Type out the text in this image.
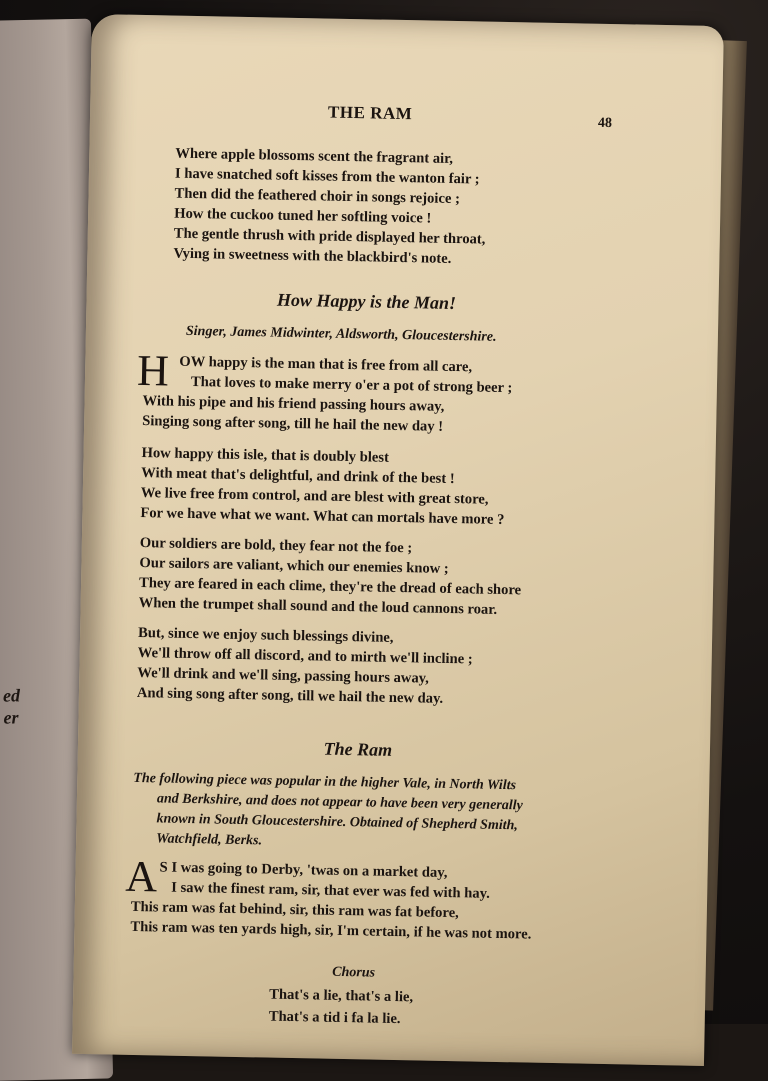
ed
er
THE RAM
48
Where apple blossoms scent the fragrant air,
I have snatched soft kisses from the wanton fair ;
Then did the feathered choir in songs rejoice ;
How the cuckoo tuned her softling voice !
The gentle thrush with pride displayed her throat,
Vying in sweetness with the blackbird's note.
How Happy is the Man!
Singer, James Midwinter, Aldsworth, Gloucestershire.
H OW happy is the man that is free from all care,
That loves to make merry o'er a pot of strong beer ;
With his pipe and his friend passing hours away,
Singing song after song, till he hail the new day !
How happy this isle, that is doubly blest
With meat that's delightful, and drink of the best !
We live free from control, and are blest with great store,
For we have what we want. What can mortals have more ?
Our soldiers are bold, they fear not the foe ;
Our sailors are valiant, which our enemies know ;
They are feared in each clime, they're the dread of each shore
When the trumpet shall sound and the loud cannons roar.
But, since we enjoy such blessings divine,
We'll throw off all discord, and to mirth we'll incline ;
We'll drink and we'll sing, passing hours away,
And sing song after song, till we hail the new day.
The Ram
The following piece was popular in the higher Vale, in North Wilts
and Berkshire, and does not appear to have been very generally
known in South Gloucestershire. Obtained of Shepherd Smith,
Watchfield, Berks.
A S I was going to Derby, 'twas on a market day,
I saw the finest ram, sir, that ever was fed with hay.
This ram was fat behind, sir, this ram was fat before,
This ram was ten yards high, sir, I'm certain, if he was not more.
Chorus
That's a lie, that's a lie,
That's a tid i fa la lie.
